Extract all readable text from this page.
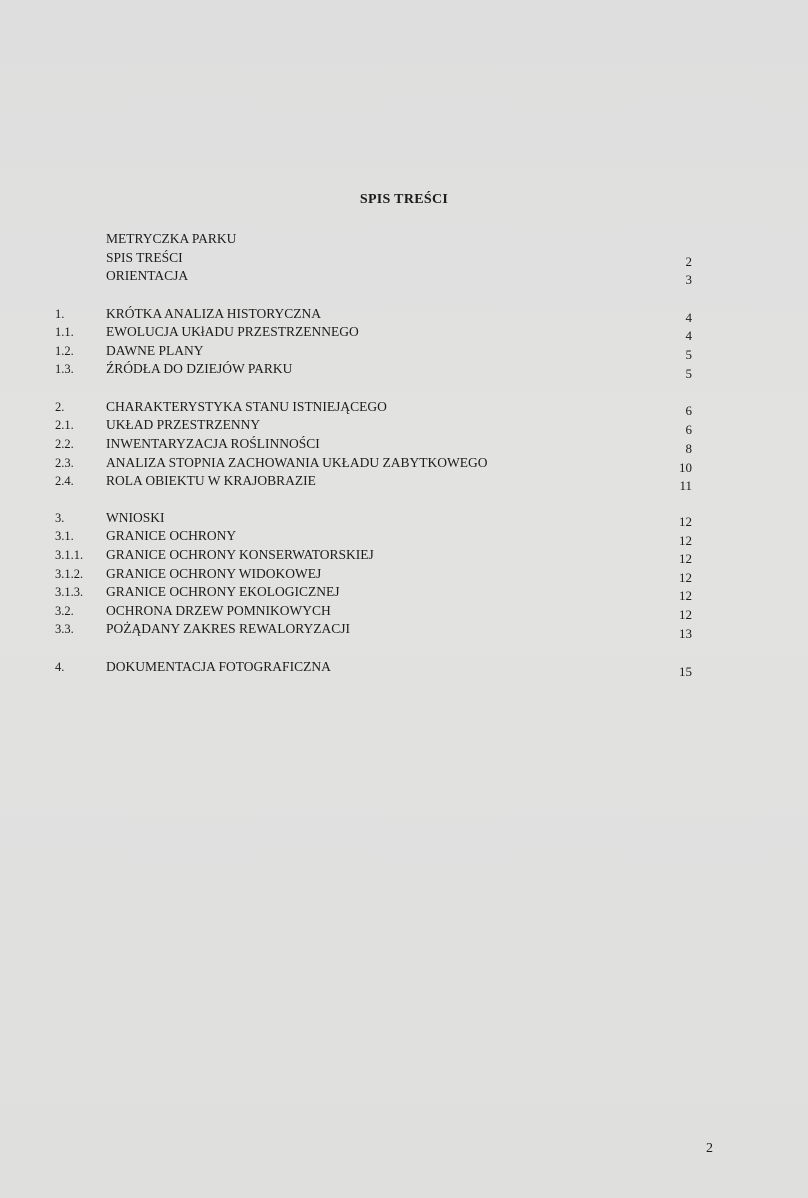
SPIS TREŚCI
METRYCZKA PARKU
SPIS TREŚCI	2
ORIENTACJA	3
1.	KRÓTKA ANALIZA HISTORYCZNA	4
1.1. EWOLUCJA UKłADU PRZESTRZENNEGO	4
1.2. DAWNE PLANY	5
1.3. ŹRÓDŁA DO DZIEJÓW PARKU	5
2.	CHARAKTERYSTYKA STANU ISTNIEJĄCEGO	6
2.1. UKŁAD PRZESTRZENNY	6
2.2. INWENTARYZACJA ROŚLINNOŚCI	8
2.3. ANALIZA STOPNIA ZACHOWANIA UKŁADU ZABYTKOWEGO	10
2.4. ROLA OBIEKTU W KRAJOBRAZIE	11
3.	WNIOSKI	12
3.1. GRANICE OCHRONY	12
3.1.1. GRANICE OCHRONY KONSERWATORSKIEJ	12
3.1.2. GRANICE OCHRONY WIDOKOWEJ	12
3.1.3. GRANICE OCHRONY EKOLOGICZNEJ	12
3.2. OCHRONA DRZEW POMNIKOWYCH	12
3.3. POŻĄDANY ZAKRES REWALORYZACJI	13
4.	DOKUMENTACJA FOTOGRAFICZNA	15
2
